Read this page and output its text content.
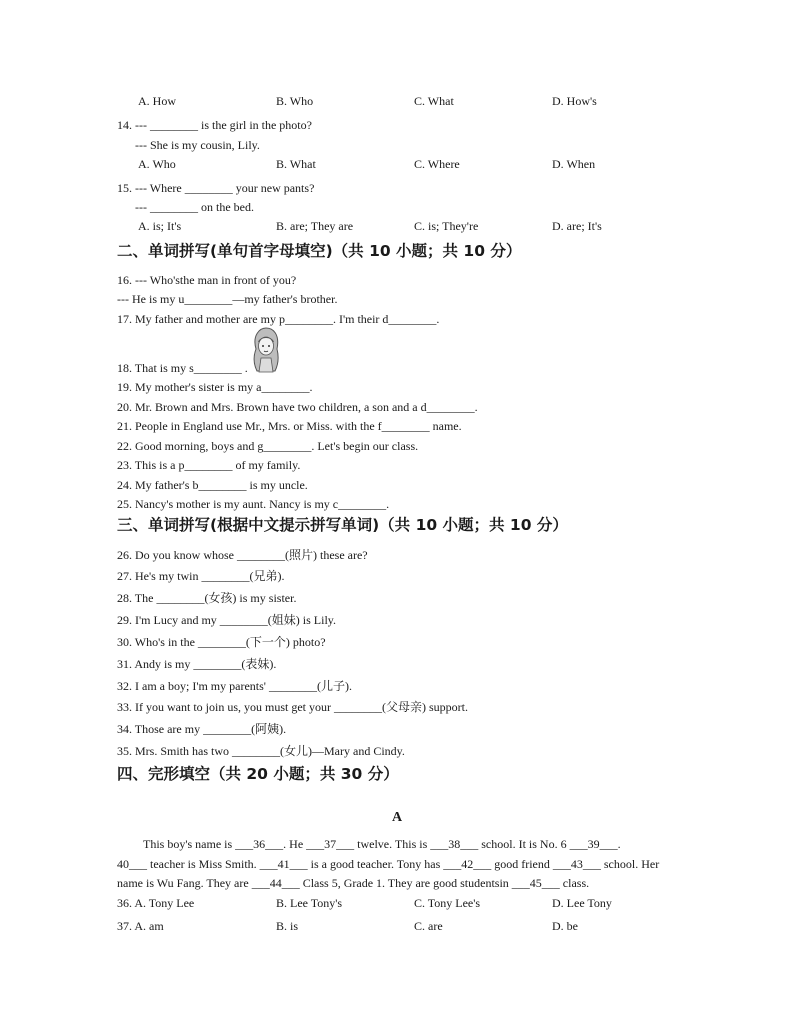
A. How	B. Who	C. What	D. How's
14. --- ________ is the girl in the photo?
--- She is my cousin, Lily.
A. Who	B. What	C. Where	D. When
15. --- Where ________ your new pants?
--- ________ on the bed.
A. is; It's	B. are; They are	C. is; They're	D. are; It's
二、单词拼写(单句首字母填空)（共 10 小题；共 10 分）
16. --- Who'sthe man in front of you?
--- He is my u________—my father's brother.
17. My father and mother are my p________. I'm their d________.
18. That is my s________ .
19. My mother's sister is my a________.
20. Mr. Brown and Mrs. Brown have two children, a son and a d________.
21. People in England use Mr., Mrs. or Miss. with the f________ name.
22. Good morning, boys and g________. Let's begin our class.
23. This is a p________ of my family.
24. My father's b________ is my uncle.
25. Nancy's mother is my aunt. Nancy is my c________.
三、单词拼写(根据中文提示拼写单词)（共 10 小题；共 10 分）
26. Do you know whose ________(照片) these are?
27. He's my twin ________(兄弟).
28. The ________(女孩) is my sister.
29. I'm Lucy and my ________(姐妹) is Lily.
30. Who's in the ________(下一个) photo?
31. Andy is my ________(表妹).
32. I am a boy; I'm my parents' ________(儿子).
33. If you want to join us, you must get your ________(父母亲) support.
34. Those are my ________(阿姨).
35. Mrs. Smith has two ________(女儿)—Mary and Cindy.
四、完形填空（共 20 小题；共 30 分）
A
This boy's name is ___36___. He ___37___ twelve. This is ___38___ school. It is No. 6 ___39___.
40___ teacher is Miss Smith. ___41___ is a good teacher. Tony has ___42___ good friend ___43___ school. Her
name is Wu Fang. They are ___44___ Class 5, Grade 1. They are good studentsin ___45___ class.
36. A. Tony Lee	B. Lee Tony's	C. Tony Lee's	D. Lee Tony
37. A. am	B. is	C. are	D. be
